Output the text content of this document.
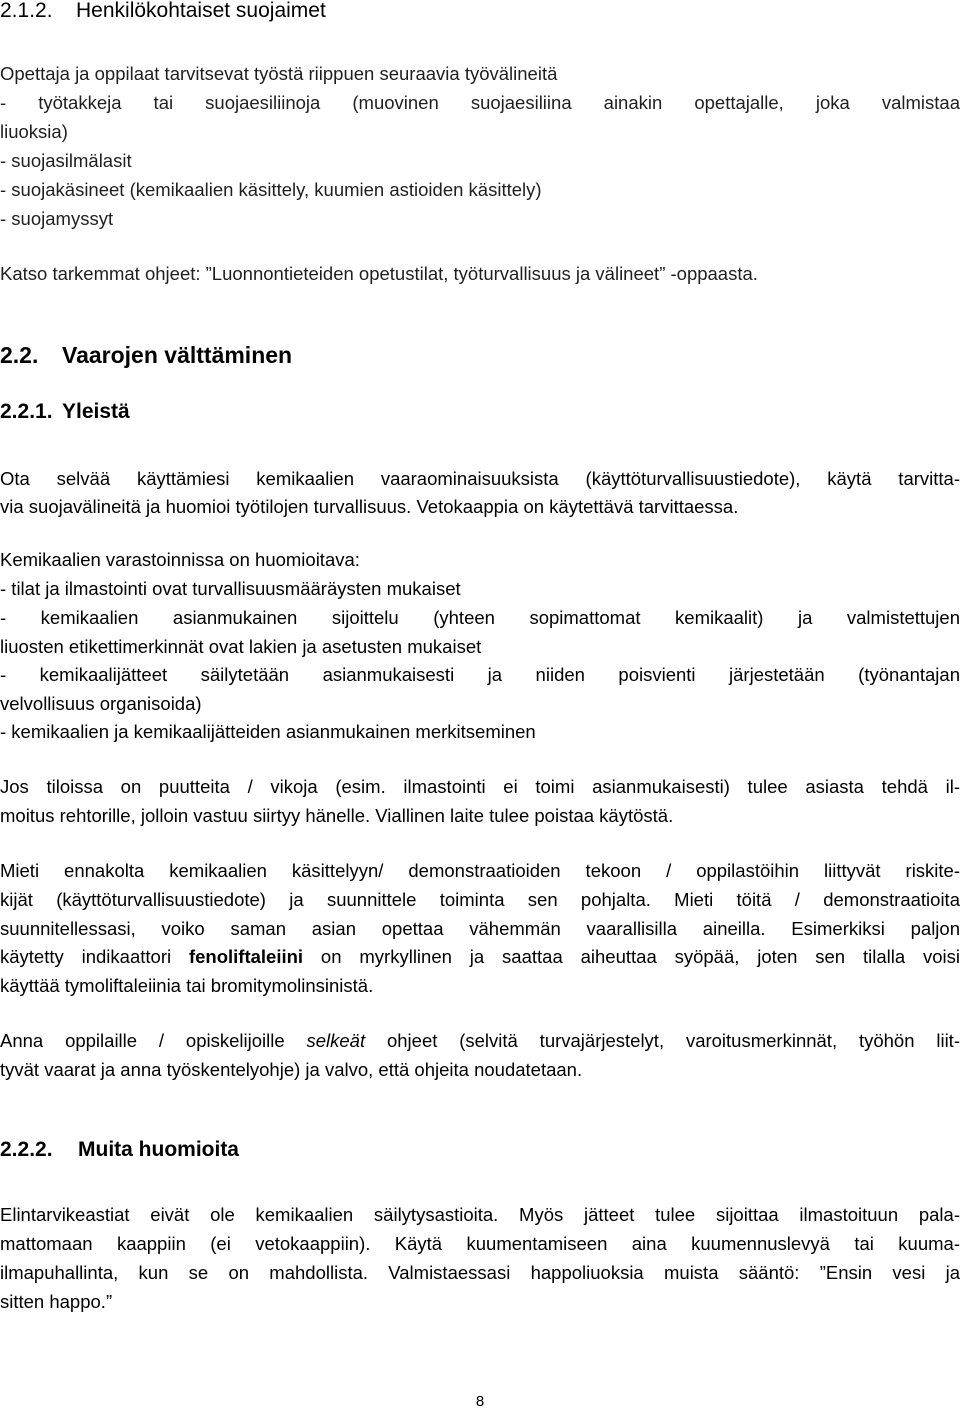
2.1.2. Henkilökohtaiset suojaimet
Opettaja ja oppilaat tarvitsevat työstä riippuen seuraavia työvälineitä
- työtakkeja tai suojaesiliinoja (muovinen suojaesiliina ainakin opettajalle, joka valmistaa
liuoksia)
- suojasilmälasit
- suojakäsineet (kemikaalien käsittely, kuumien astioiden käsittely)
- suojamyssyt
Katso tarkemmat ohjeet: ”Luonnontieteiden opetustilat, työturvallisuus ja välineet” -oppaasta.
2.2. Vaarojen välttäminen
2.2.1. Yleistä
Ota selvää käyttämiesi kemikaalien vaaraominaisuuksista (käyttöturvallisuustiedote), käytä tarvitta-
via suojavälineitä ja huomioi työtilojen turvallisuus. Vetokaappia on käytettävä tarvittaessa.
Kemikaalien varastoinnissa on huomioitava:
- tilat ja ilmastointi ovat turvallisuusmääräysten mukaiset
- kemikaalien asianmukainen sijoittelu (yhteen sopimattomat kemikaalit) ja valmistettujen
liuosten etikettimerkinnät ovat lakien ja asetusten mukaiset
- kemikaalijätteet säilytetään asianmukaisesti ja niiden poisvienti järjestetään (työnantajan
velvollisuus organisoida)
- kemikaalien ja kemikaalijätteiden asianmukainen merkitseminen
Jos tiloissa on puutteita / vikoja (esim. ilmastointi ei toimi asianmukaisesti) tulee asiasta tehdä il-
moitus rehtorille, jolloin vastuu siirtyy hänelle. Viallinen laite tulee poistaa käytöstä.
Mieti ennakolta kemikaalien käsittelyyn/ demonstraatioiden tekoon / oppilastöihin liittyvät riskite-
kijät (käyttöturvallisuustiedote) ja suunnittele toiminta sen pohjalta. Mieti töitä / demonstraatioita
suunnitellessasi, voiko saman asian opettaa vähemmän vaarallisilla aineilla. Esimerkiksi paljon
käytetty indikaattori fenoliftaleiini on myrkyllinen ja saattaa aiheuttaa syöpää, joten sen tilalla voisi
käyttää tymoliftaleiinia tai bromitymolinsinistä.
Anna oppilaille / opiskelijoille selkeät ohjeet (selvitä turvajärjestelyt, varoitusmerkinnät, työhön liit-
tyvät vaarat ja anna työskentelyohje) ja valvo, että ohjeita noudatetaan.
2.2.2. Muita huomioita
Elintarvikeastiat eivät ole kemikaalien säilytysastioita. Myös jätteet tulee sijoittaa ilmastoituun pala-
mattomaan kaappiin (ei vetokaappiin). Käytä kuumentamiseen aina kuumennuslevyä tai kuuma-
ilmapuhallinta, kun se on mahdollista. Valmistaessasi happoliuoksia muista sääntö: ”Ensin vesi ja
sitten happo.”
8
